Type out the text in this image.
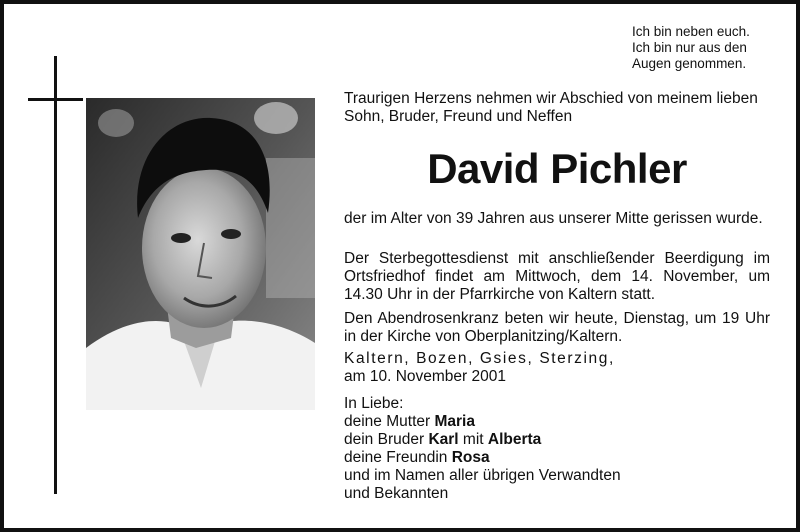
Ich bin neben euch.
Ich bin nur aus den
Augen genommen.
Traurigen Herzens nehmen wir Abschied von meinem lieben Sohn, Bruder, Freund und Neffen
David Pichler
der im Alter von 39 Jahren aus unserer Mitte gerissen wurde.
Der Sterbegottesdienst mit anschließender Beerdigung im Ortsfriedhof findet am Mittwoch, dem 14. November, um 14.30 Uhr in der Pfarrkirche von Kaltern statt.
Den Abendrosenkranz beten wir heute, Dienstag, um 19 Uhr in der Kirche von Oberplanitzing/Kaltern.
Kaltern, Bozen, Gsies, Sterzing,
am 10. November 2001
In Liebe:
deine Mutter Maria
dein Bruder Karl mit Alberta
deine Freundin Rosa
und im Namen aller übrigen Verwandten
und Bekannten
